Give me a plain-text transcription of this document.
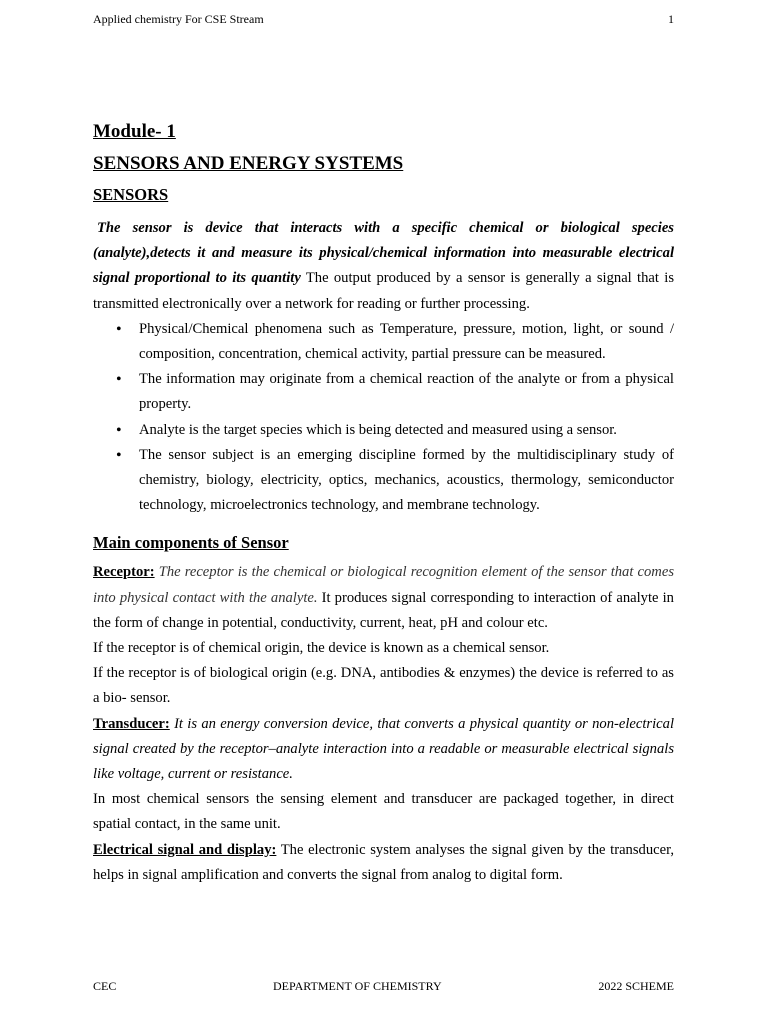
Applied chemistry For CSE Stream	1
Module- 1
SENSORS AND ENERGY SYSTEMS
SENSORS

The sensor is device that interacts with a specific chemical or biological species (analyte),detects it and measure its physical/chemical information into measurable electrical signal proportional to its quantity The output produced by a sensor is generally a signal that is transmitted electronically over a network for reading or further processing.

• Physical/Chemical phenomena such as Temperature, pressure, motion, light, or sound / composition, concentration, chemical activity, partial pressure can be measured.
• The information may originate from a chemical reaction of the analyte or from a physical property.
• Analyte is the target species which is being detected and measured using a sensor.
• The sensor subject is an emerging discipline formed by the multidisciplinary study of chemistry, biology, electricity, optics, mechanics, acoustics, thermology, semiconductor technology, microelectronics technology, and membrane technology.
Main components of Sensor

Receptor: The receptor is the chemical or biological recognition element of the sensor that comes into physical contact with the analyte. It produces signal corresponding to interaction of analyte in the form of change in potential, conductivity, current, heat, pH and colour etc.

If the receptor is of chemical origin, the device is known as a chemical sensor.

If the receptor is of biological origin (e.g. DNA, antibodies & enzymes) the device is referred to as a bio- sensor.

Transducer: It is an energy conversion device, that converts a physical quantity or non-electrical signal created by the receptor–analyte interaction into a readable or measurable electrical signals like voltage, current or resistance.

In most chemical sensors the sensing element and transducer are packaged together, in direct spatial contact, in the same unit.

Electrical signal and display: The electronic system analyses the signal given by the transducer, helps in signal amplification and converts the signal from analog to digital form.

CEC	DEPARTMENT OF CHEMISTRY	2022 SCHEME
